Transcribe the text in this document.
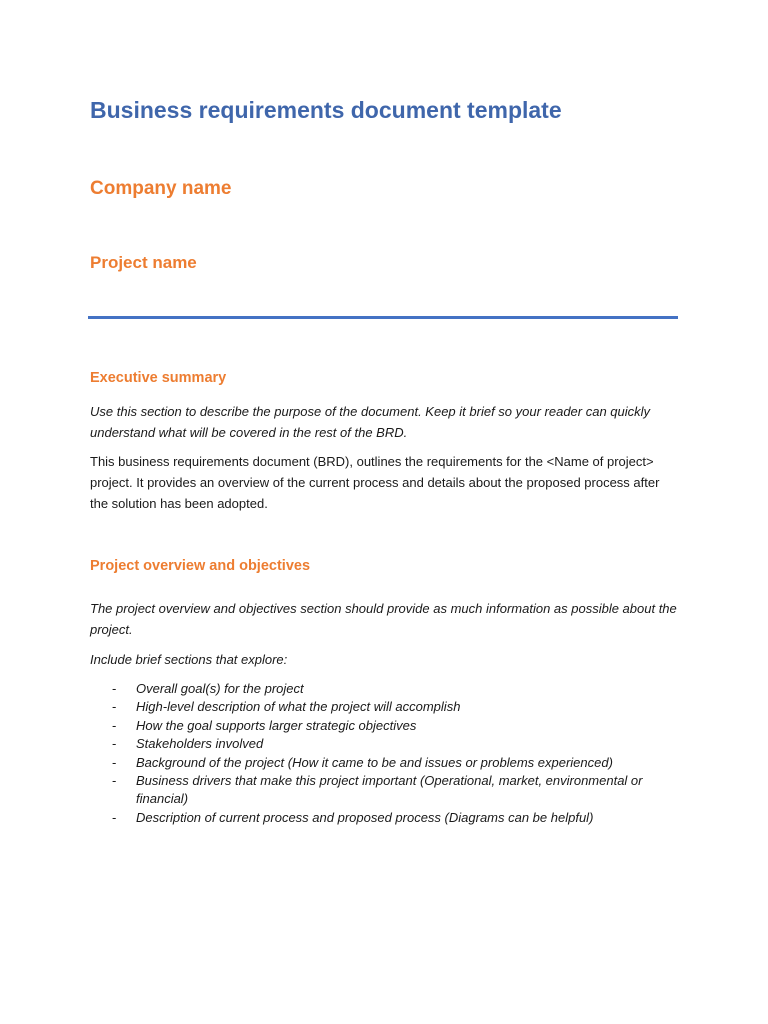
Business requirements document template
Company name
Project name
Executive summary

Use this section to describe the purpose of the document. Keep it brief so your reader can quickly understand what will be covered in the rest of the BRD.

This business requirements document (BRD), outlines the requirements for the <Name of project> project. It provides an overview of the current process and details about the proposed process after the solution has been adopted.

Project overview and objectives

The project overview and objectives section should provide as much information as possible about the project.

Include brief sections that explore:

- Overall goal(s) for the project
- High-level description of what the project will accomplish
- How the goal supports larger strategic objectives
- Stakeholders involved
- Background of the project (How it came to be and issues or problems experienced)
- Business drivers that make this project important (Operational, market, environmental or financial)
- Description of current process and proposed process (Diagrams can be helpful)
